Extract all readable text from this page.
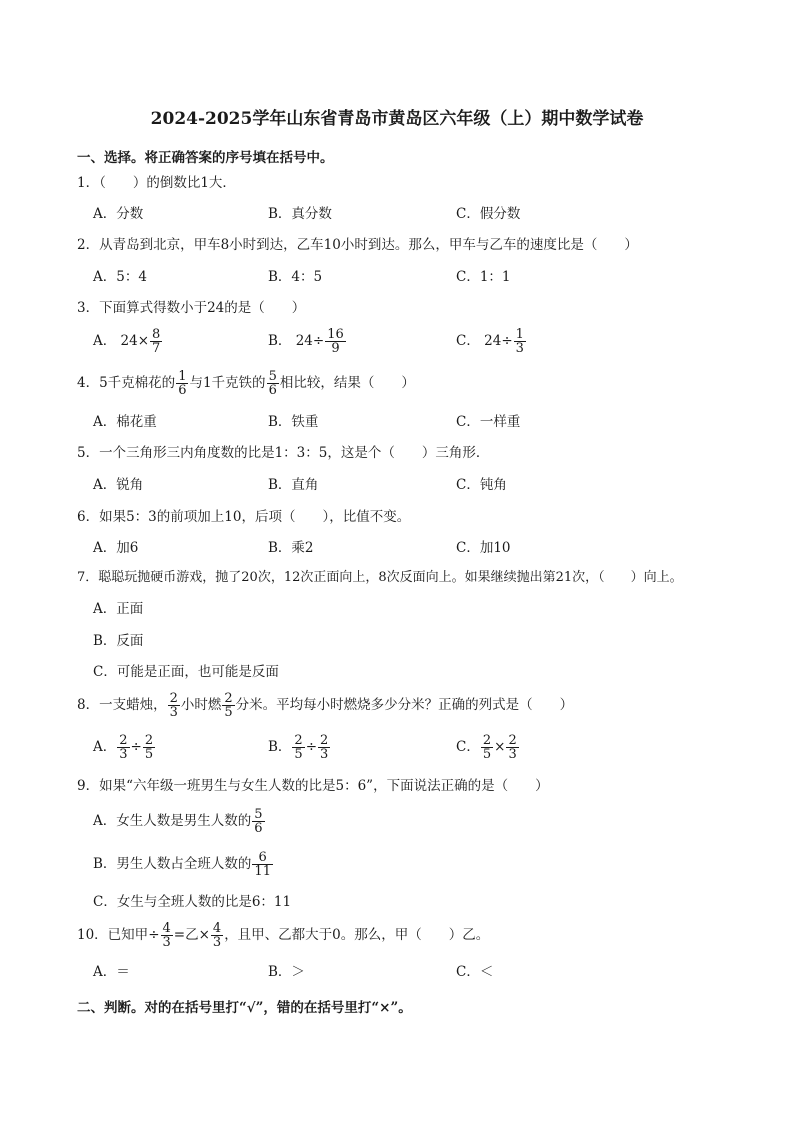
2024-2025学年山东省青岛市黄岛区六年级（上）期中数学试卷
一、选择。将正确答案的序号填在括号中。
1．（　　）的倒数比1大．
A．分数	B．真分数	C．假分数
2．从青岛到北京，甲车8小时到达，乙车10小时到达。那么，甲车与乙车的速度比是（　　）
A．5：4	B．4：5	C．1：1
3．下面算式得数小于24的是（　　）
A． $24\times \frac{8}{7}$	B． $24\div \frac{16}{9}$	C． $24\div \frac{1}{3}$
4．5千克棉花的 $\frac{1}{6}$ 与1千克铁的 $\frac{5}{6}$ 相比较，结果（　　）
A．棉花重	B．铁重	C．一样重
5．一个三角形三内角度数的比是1：3：5，这是个（　　）三角形．
A．锐角	B．直角	C．钝角
6．如果5：3的前项加上10，后项（　　），比值不变。
A．加6	B．乘2	C．加10
7．聪聪玩抛硬币游戏，抛了20次，12次正面向上，8次反面向上。如果继续抛出第21次，（　　）向上。
A．正面
B．反面
C．可能是正面，也可能是反面
8．一支蜡烛， $\frac{2}{3}$ 小时燃 $\frac{2}{5}$ 分米。平均每小时燃烧多少分米？正确的列式是（　　）
A． $\frac{2}{3} \div \frac{2}{5}$	B． $\frac{2}{5} \div \frac{2}{3}$	C． $\frac{2}{5} \times \frac{2}{3}$
9．如果“六年级一班男生与女生人数的比是5：6”，下面说法正确的是（　　）
A．女生人数是男生人数的 $\frac{5}{6}$
B．男生人数占全班人数的 $\frac{6}{11}$
C．女生与全班人数的比是6：11
10．已知甲÷ $\frac{4}{3}$ =乙× $\frac{4}{3}$ ，且甲、乙都大于0。那么，甲（　　）乙。
A．＝	B．＞	C．＜
二、判断。对的在括号里打“√”，错的在括号里打“×”。
